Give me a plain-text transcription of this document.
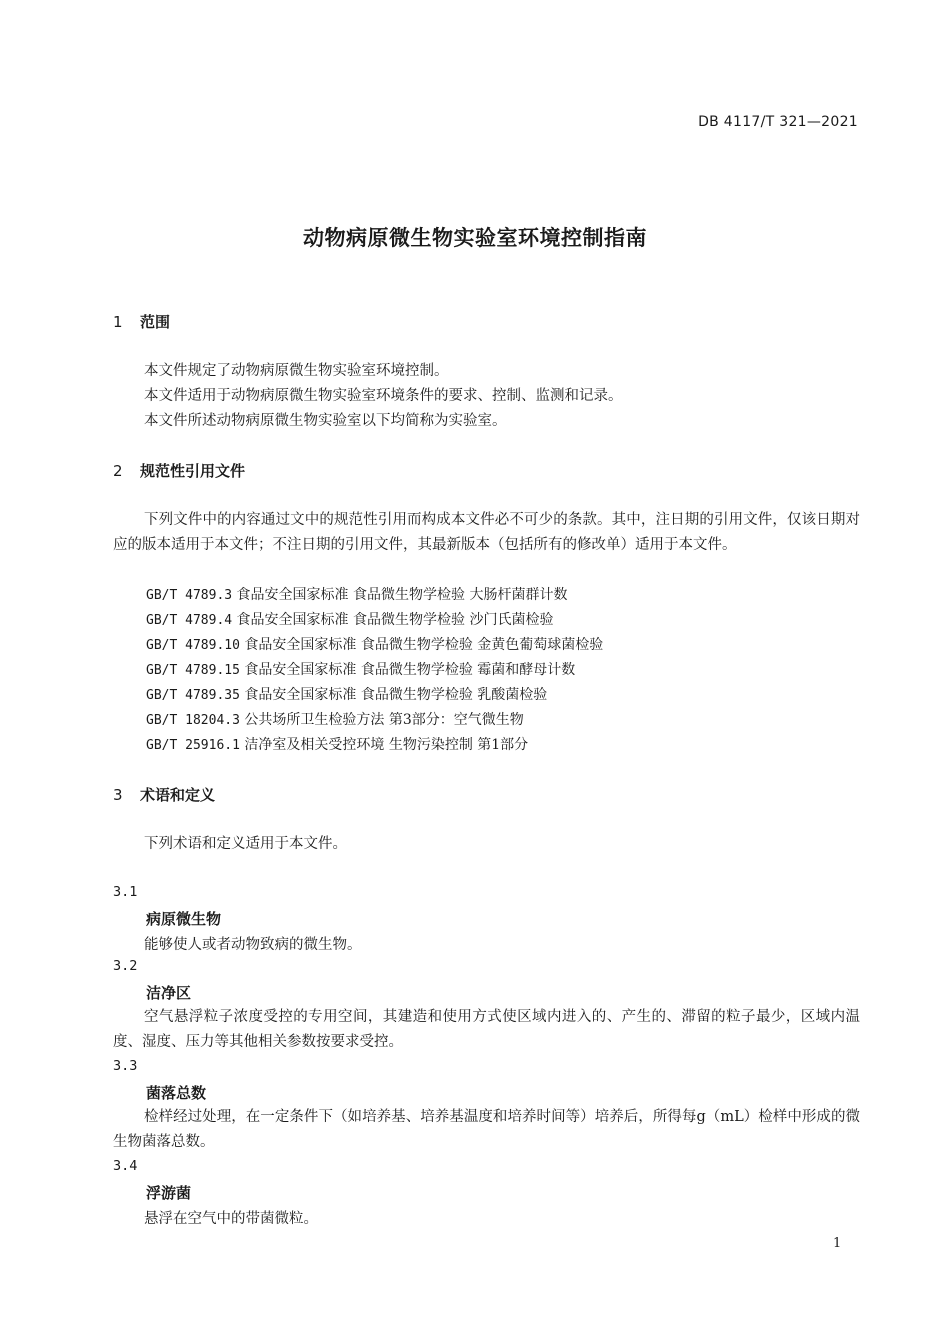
DB 4117/T 321—2021
动物病原微生物实验室环境控制指南
1 范围
本文件规定了动物病原微生物实验室环境控制。
本文件适用于动物病原微生物实验室环境条件的要求、控制、监测和记录。
本文件所述动物病原微生物实验室以下均简称为实验室。
2 规范性引用文件
下列文件中的内容通过文中的规范性引用而构成本文件必不可少的条款。其中，注日期的引用文件，仅该日期对应的版本适用于本文件；不注日期的引用文件，其最新版本（包括所有的修改单）适用于本文件。
GB/T 4789.3 食品安全国家标准 食品微生物学检验 大肠杆菌群计数
GB/T 4789.4 食品安全国家标准 食品微生物学检验 沙门氏菌检验
GB/T 4789.10 食品安全国家标准 食品微生物学检验 金黄色葡萄球菌检验
GB/T 4789.15 食品安全国家标准 食品微生物学检验 霉菌和酵母计数
GB/T 4789.35 食品安全国家标准 食品微生物学检验 乳酸菌检验
GB/T 18204.3 公共场所卫生检验方法 第3部分：空气微生物
GB/T 25916.1 洁净室及相关受控环境 生物污染控制 第1部分
3 术语和定义
下列术语和定义适用于本文件。
3.1
病原微生物
能够使人或者动物致病的微生物。
3.2
洁净区
空气悬浮粒子浓度受控的专用空间，其建造和使用方式使区域内进入的、产生的、滞留的粒子最少，区域内温度、湿度、压力等其他相关参数按要求受控。
3.3
菌落总数
检样经过处理，在一定条件下（如培养基、培养基温度和培养时间等）培养后，所得每g（mL）检样中形成的微生物菌落总数。
3.4
浮游菌
悬浮在空气中的带菌微粒。
1
